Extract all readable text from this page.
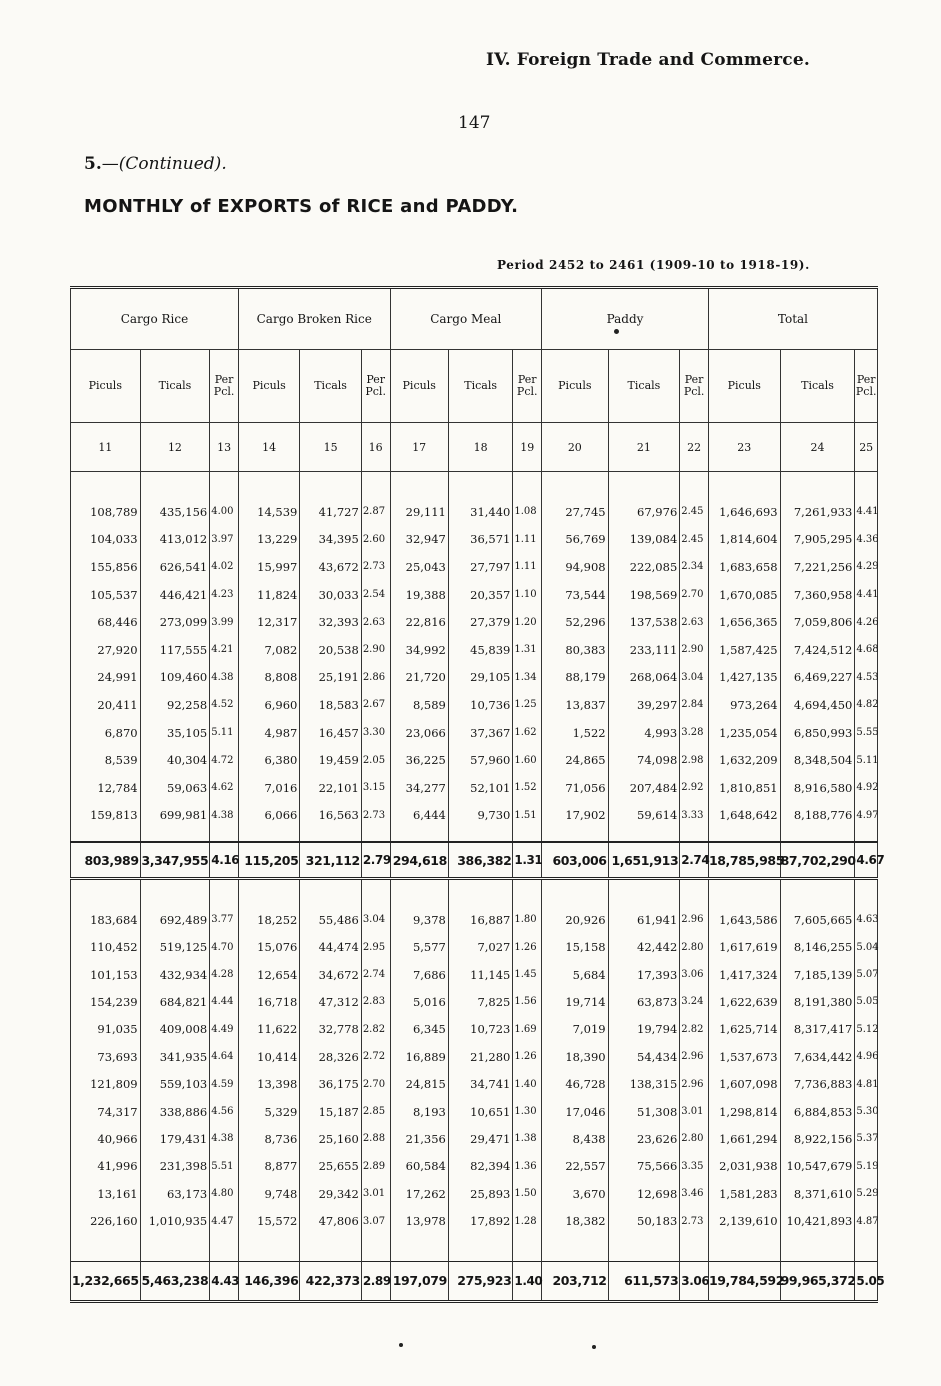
IV. Foreign Trade and Commerce.
147
5.—(Continued).
MONTHLY of EXPORTS of RICE and PADDY.
Period 2452 to 2461 (1909-10 to 1918-19).
Cargo Rice			Cargo Broken Rice			Cargo Meal			Paddy			Total		
Piculs	Ticals	Per
Pcl.	Piculs	Ticals	Per
Pcl.	Piculs	Ticals	Per
Pcl.	Piculs	Ticals	Per
Pcl.	Piculs	Ticals	Per
Pcl.
11	12	13	14	15	16	17	18	19	20	21	22	23	24	25

108,789	435,156	4.00	14,539	41,727	2.87	29,111	31,440	1.08	27,745	67,976	2.45	1,646,693	7,261,933	4.41
104,033	413,012	3.97	13,229	34,395	2.60	32,947	36,571	1.11	56,769	139,084	2.45	1,814,604	7,905,295	4.36
155,856	626,541	4.02	15,997	43,672	2.73	25,043	27,797	1.11	94,908	222,085	2.34	1,683,658	7,221,256	4.29
105,537	446,421	4.23	11,824	30,033	2.54	19,388	20,357	1.10	73,544	198,569	2.70	1,670,085	7,360,958	4.41
68,446	273,099	3.99	12,317	32,393	2.63	22,816	27,379	1.20	52,296	137,538	2.63	1,656,365	7,059,806	4.26
27,920	117,555	4.21	7,082	20,538	2.90	34,992	45,839	1.31	80,383	233,111	2.90	1,587,425	7,424,512	4.68
24,991	109,460	4.38	8,808	25,191	2.86	21,720	29,105	1.34	88,179	268,064	3.04	1,427,135	6,469,227	4.53
20,411	92,258	4.52	6,960	18,583	2.67	8,589	10,736	1.25	13,837	39,297	2.84	973,264	4,694,450	4.82
6,870	35,105	5.11	4,987	16,457	3.30	23,066	37,367	1.62	1,522	4,993	3.28	1,235,054	6,850,993	5.55
8,539	40,304	4.72	6,380	19,459	2.05	36,225	57,960	1.60	24,865	74,098	2.98	1,632,209	8,348,504	5.11
12,784	59,063	4.62	7,016	22,101	3.15	34,277	52,101	1.52	71,056	207,484	2.92	1,810,851	8,916,580	4.92
159,813	699,981	4.38	6,066	16,563	2.73	6,444	9,730	1.51	17,902	59,614	3.33	1,648,642	8,188,776	4.97

803,989	3,347,955	4.16	115,205	321,112	2.79	294,618	386,382	1.31	603,006	1,651,913	2.74	18,785,985	87,702,290	4.67

183,684	692,489	3.77	18,252	55,486	3.04	9,378	16,887	1.80	20,926	61,941	2.96	1,643,586	7,605,665	4.63
110,452	519,125	4.70	15,076	44,474	2.95	5,577	7,027	1.26	15,158	42,442	2.80	1,617,619	8,146,255	5.04
101,153	432,934	4.28	12,654	34,672	2.74	7,686	11,145	1.45	5,684	17,393	3.06	1,417,324	7,185,139	5.07
154,239	684,821	4.44	16,718	47,312	2.83	5,016	7,825	1.56	19,714	63,873	3.24	1,622,639	8,191,380	5.05
91,035	409,008	4.49	11,622	32,778	2.82	6,345	10,723	1.69	7,019	19,794	2.82	1,625,714	8,317,417	5.12
73,693	341,935	4.64	10,414	28,326	2.72	16,889	21,280	1.26	18,390	54,434	2.96	1,537,673	7,634,442	4.96
121,809	559,103	4.59	13,398	36,175	2.70	24,815	34,741	1.40	46,728	138,315	2.96	1,607,098	7,736,883	4.81
74,317	338,886	4.56	5,329	15,187	2.85	8,193	10,651	1.30	17,046	51,308	3.01	1,298,814	6,884,853	5.30
40,966	179,431	4.38	8,736	25,160	2.88	21,356	29,471	1.38	8,438	23,626	2.80	1,661,294	8,922,156	5.37
41,996	231,398	5.51	8,877	25,655	2.89	60,584	82,394	1.36	22,557	75,566	3.35	2,031,938	10,547,679	5.19
13,161	63,173	4.80	9,748	29,342	3.01	17,262	25,893	1.50	3,670	12,698	3.46	1,581,283	8,371,610	5.29
226,160	1,010,935	4.47	15,572	47,806	3.07	13,978	17,892	1.28	18,382	50,183	2.73	2,139,610	10,421,893	4.87

1,232,665	5,463,238	4.43	146,396	422,373	2.89	197,079	275,923	1.40	203,712	611,573	3.06	19,784,592	99,965,372	5.05
